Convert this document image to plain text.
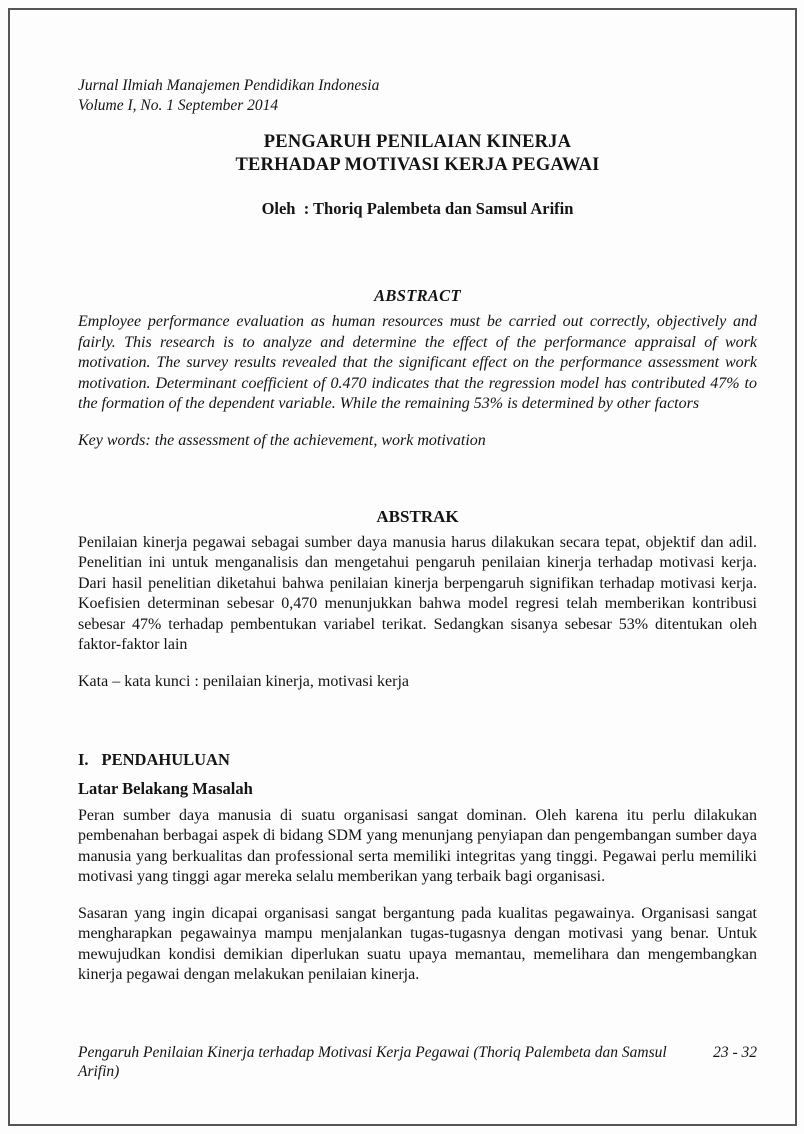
Jurnal Ilmiah Manajemen Pendidikan Indonesia
Volume I, No. 1 September 2014
PENGARUH PENILAIAN KINERJA
TERHADAP MOTIVASI KERJA PEGAWAI
Oleh  : Thoriq Palembeta dan Samsul Arifin
ABSTRACT

Employee performance evaluation as human resources must be carried out correctly, objectively and fairly. This research is to analyze and determine the effect of the performance appraisal of work motivation. The survey results revealed that the significant effect on the performance assessment work motivation. Determinant coefficient of 0.470 indicates that the regression model has contributed 47% to the formation of the dependent variable. While the remaining 53% is determined by other factors

Key words: the assessment of the achievement, work motivation
ABSTRAK

Penilaian kinerja pegawai sebagai sumber daya manusia harus dilakukan secara tepat, objektif dan adil. Penelitian ini untuk menganalisis dan mengetahui pengaruh penilaian kinerja terhadap motivasi kerja. Dari hasil penelitian diketahui bahwa penilaian kinerja berpengaruh signifikan terhadap motivasi kerja. Koefisien determinan sebesar 0,470 menunjukkan bahwa model regresi telah memberikan kontribusi sebesar 47% terhadap pembentukan variabel terikat. Sedangkan sisanya sebesar 53% ditentukan oleh faktor-faktor lain

Kata – kata kunci : penilaian kinerja, motivasi kerja
I. PENDAHULUAN
Latar Belakang Masalah

Peran sumber daya manusia di suatu organisasi sangat dominan. Oleh karena itu perlu dilakukan pembenahan berbagai aspek di bidang SDM yang menunjang penyiapan dan pengembangan sumber daya manusia yang berkualitas dan professional serta memiliki integritas yang tinggi. Pegawai perlu memiliki motivasi yang tinggi agar mereka selalu memberikan yang terbaik bagi organisasi.

Sasaran yang ingin dicapai organisasi sangat bergantung pada kualitas pegawainya. Organisasi sangat mengharapkan pegawainya mampu menjalankan tugas-tugasnya dengan motivasi yang benar. Untuk mewujudkan kondisi demikian diperlukan suatu upaya memantau, memelihara dan mengembangkan kinerja pegawai dengan melakukan penilaian kinerja.

Pengaruh Penilaian Kinerja terhadap Motivasi Kerja Pegawai (Thoriq Palembeta dan Samsul Arifin)
23 - 32
